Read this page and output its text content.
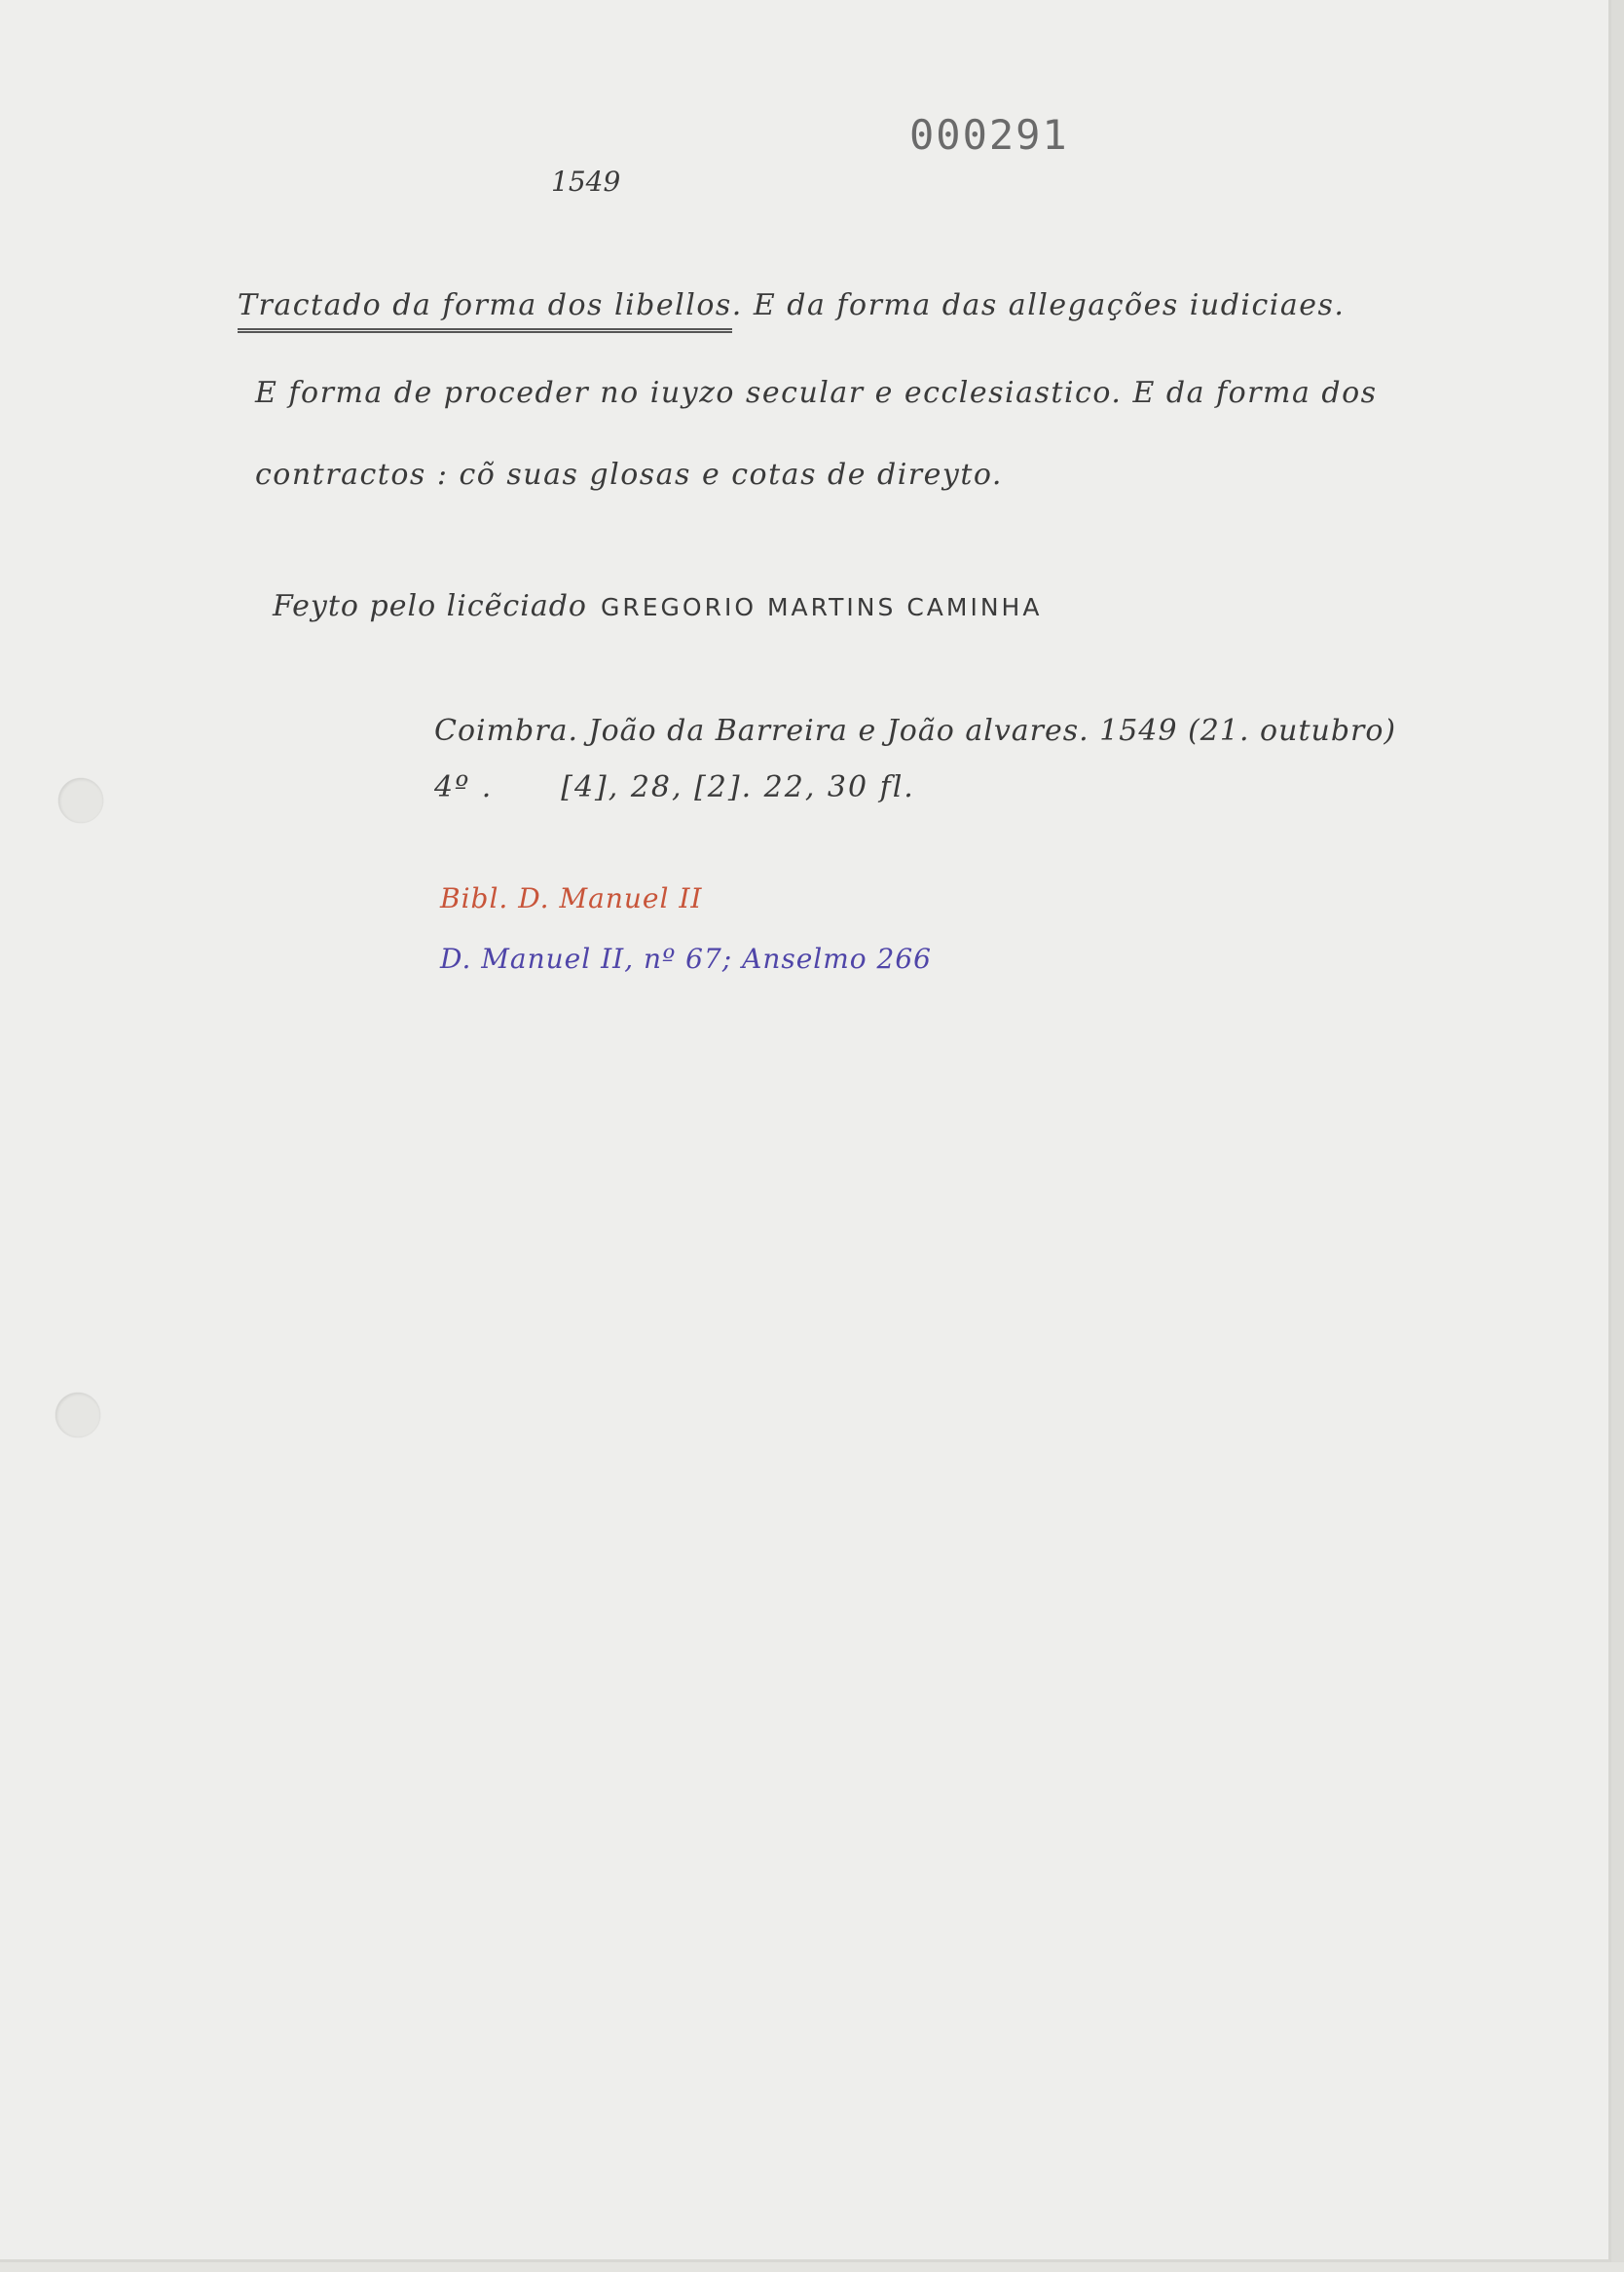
000291
1549
Tractado da forma dos libellos. E da forma das allegações iudiciaes.
E forma de proceder no iuyzo secular e ecclesiastico. E da forma dos
contractos : cõ suas glosas e cotas de direyto.
Feyto pelo licẽciado GREGORIO MARTINS CAMINHA
Coimbra. João da Barreira e João alvares. 1549 (21. outubro)
4º . [4], 28, [2]. 22, 30 fl.
Bibl. D. Manuel II
D. Manuel II, nº 67; Anselmo 266
